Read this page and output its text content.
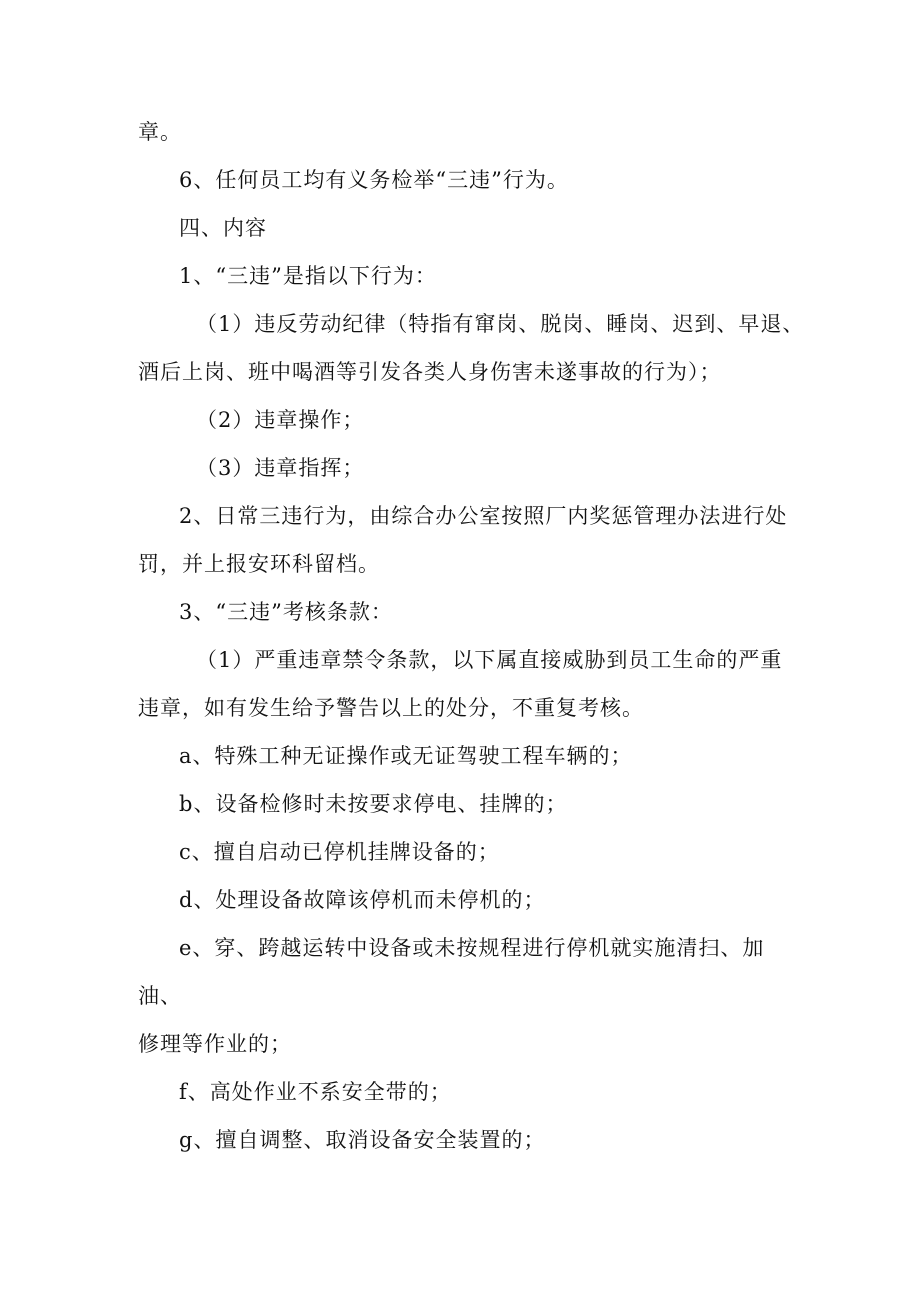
章。
6、任何员工均有义务检举“三违”行为。
四、内容
1、“三违”是指以下行为：
（1）违反劳动纪律（特指有窜岗、脱岗、睡岗、迟到、早退、
酒后上岗、班中喝酒等引发各类人身伤害未遂事故的行为）；
（2）违章操作；
（3）违章指挥；
2、日常三违行为，由综合办公室按照厂内奖惩管理办法进行处
罚，并上报安环科留档。
3、“三违”考核条款：
（1）严重违章禁令条款，以下属直接威胁到员工生命的严重
违章，如有发生给予警告以上的处分，不重复考核。
a、特殊工种无证操作或无证驾驶工程车辆的；
b、设备检修时未按要求停电、挂牌的；
c、擅自启动已停机挂牌设备的；
d、处理设备故障该停机而未停机的；
e、穿、跨越运转中设备或未按规程进行停机就实施清扫、加
油、
修理等作业的；
f、高处作业不系安全带的；
g、擅自调整、取消设备安全装置的；
